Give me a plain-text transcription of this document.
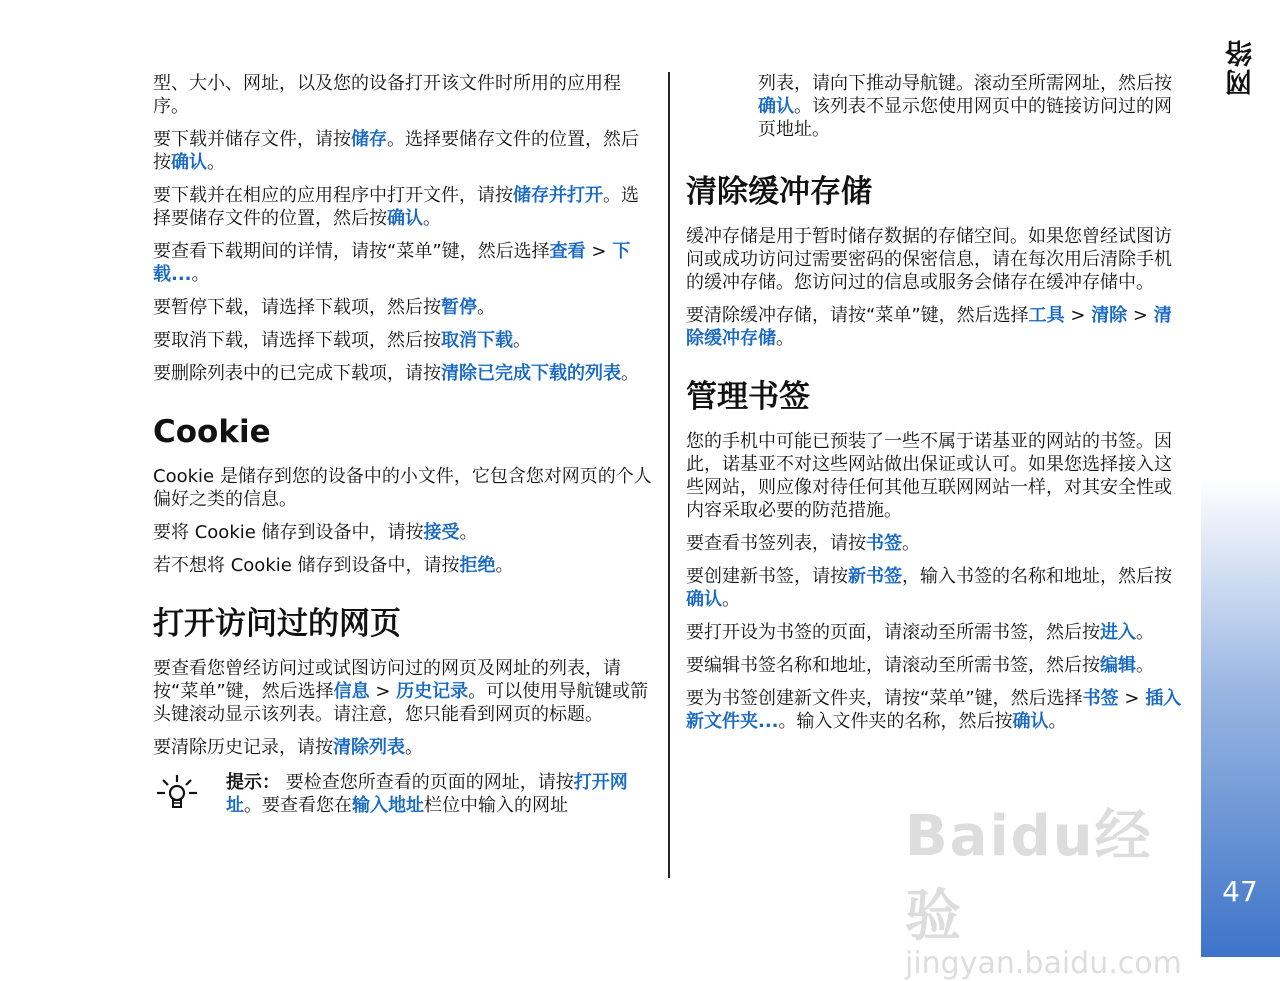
网络
47

型、大小、网址，以及您的设备打开该文件时所用的应用程序。

要下载并储存文件，请按储存。选择要储存文件的位置，然后按确认。

要下载并在相应的应用程序中打开文件，请按储存并打开。选择要储存文件的位置，然后按确认。

要查看下载期间的详情，请按“菜单”键，然后选择查看 > 下载...。

要暂停下载，请选择下载项，然后按暂停。

要取消下载，请选择下载项，然后按取消下载。

要删除列表中的已完成下载项，请按清除已完成下载的列表。

Cookie

Cookie 是储存到您的设备中的小文件，它包含您对网页的个人偏好之类的信息。

要将 Cookie 储存到设备中，请按接受。

若不想将 Cookie 储存到设备中，请按拒绝。

打开访问过的网页

要查看您曾经访问过或试图访问过的网页及网址的列表，请按“菜单”键，然后选择信息 > 历史记录。可以使用导航键或箭头键滚动显示该列表。请注意，您只能看到网页的标题。

要清除历史记录，请按清除列表。

提示： 要检查您所查看的页面的网址，请按打开网址。要查看您在输入地址栏位中输入的网址

列表，请向下推动导航键。滚动至所需网址，然后按确认。该列表不显示您使用网页中的链接访问过的网页地址。

清除缓冲存储

缓冲存储是用于暂时储存数据的存储空间。如果您曾经试图访问或成功访问过需要密码的保密信息，请在每次用后清除手机的缓冲存储。您访问过的信息或服务会储存在缓冲存储中。

要清除缓冲存储，请按“菜单”键，然后选择工具 > 清除 > 清除缓冲存储。

管理书签

您的手机中可能已预装了一些不属于诺基亚的网站的书签。因此，诺基亚不对这些网站做出保证或认可。如果您选择接入这些网站，则应像对待任何其他互联网网站一样，对其安全性或内容采取必要的防范措施。

要查看书签列表，请按书签。

要创建新书签，请按新书签，输入书签的名称和地址，然后按确认。

要打开设为书签的页面，请滚动至所需书签，然后按进入。

要编辑书签名称和地址，请滚动至所需书签，然后按编辑。

要为书签创建新文件夹，请按“菜单”键，然后选择书签 > 插入新文件夹...。输入文件夹的名称，然后按确认。

Baidu经验
jingyan.baidu.com
